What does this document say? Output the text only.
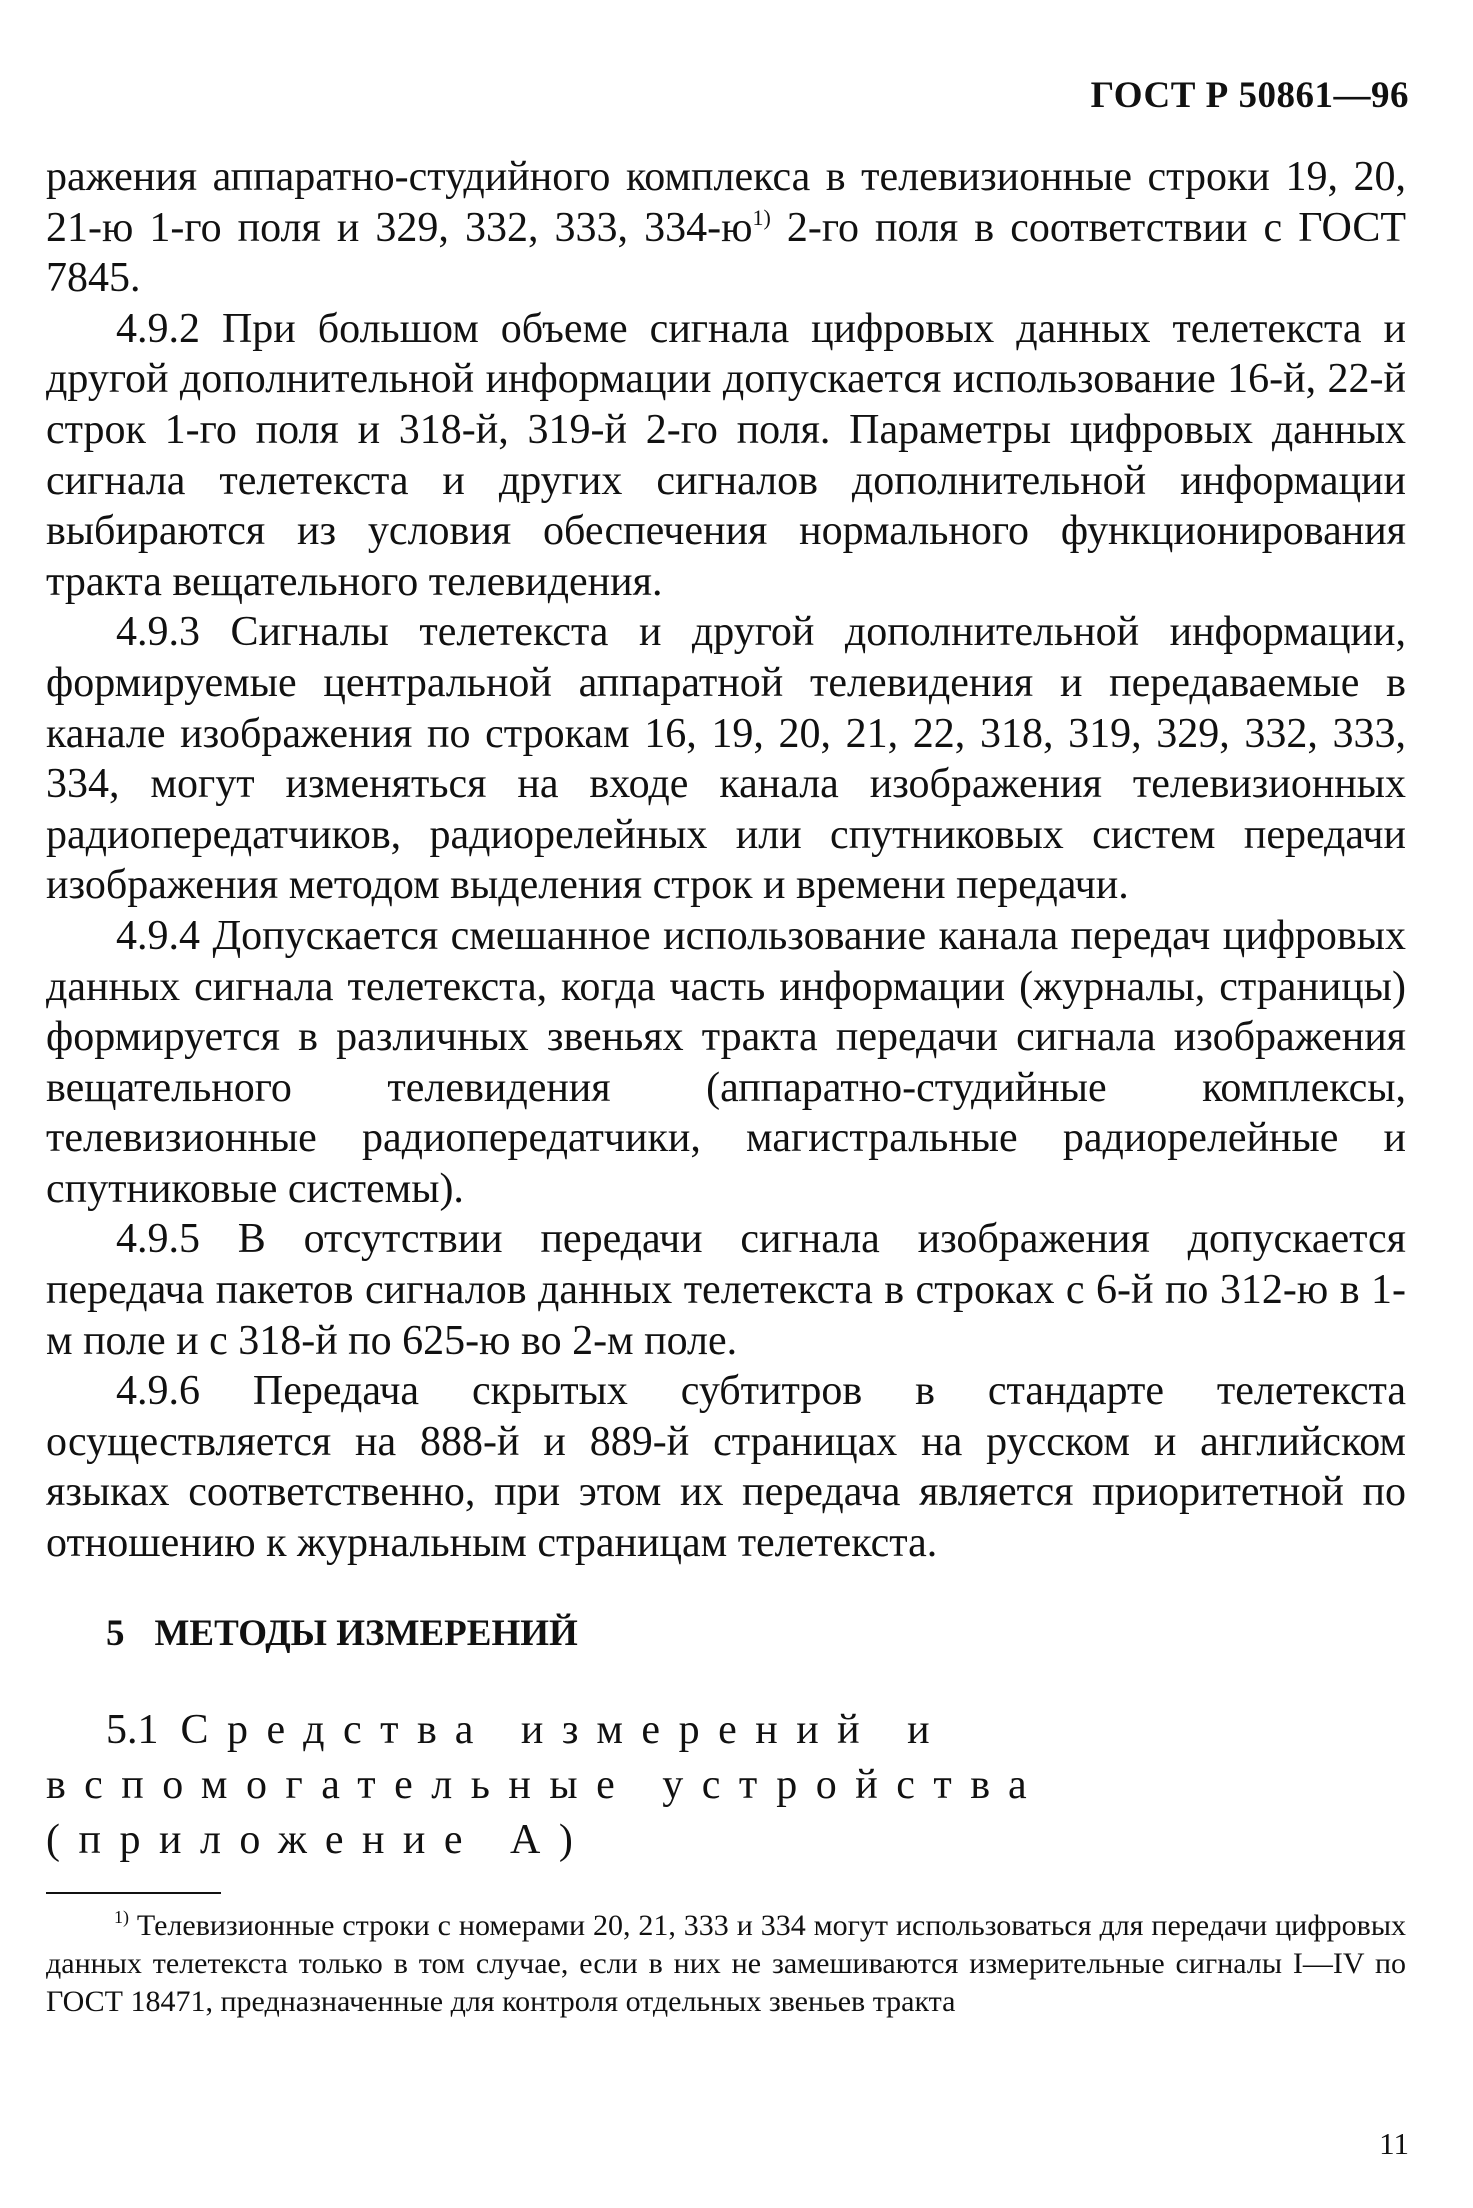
ГОСТ Р 50861—96

ражения аппаратно-студийного комплекса в телевизионные строки 19, 20, 21-ю 1-го поля и 329, 332, 333, $334-ю^{1)}$ 2-го поля в соответствии с ГОСТ 7845.

4.9.2 При большом объеме сигнала цифровых данных телетекста и другой дополнительной информации допускается использование 16-й, 22-й строк 1-го поля и 318-й, 319-й 2-го поля. Параметры цифровых данных сигнала телетекста и других сигналов дополнительной информации выбираются из условия обеспечения нормального функционирования тракта вещательного телевидения.

4.9.3 Сигналы телетекста и другой дополнительной информации, формируемые центральной аппаратной телевидения и передаваемые в канале изображения по строкам 16, 19, 20, 21, 22, 318, 319, 329, 332, 333, 334, могут изменяться на входе канала изображения телевизионных радиопередатчиков, радиорелейных или спутниковых систем передачи изображения методом выделения строк и времени передачи.

4.9.4 Допускается смешанное использование канала передач цифровых данных сигнала телетекста, когда часть информации (журналы, страницы) формируется в различных звеньях тракта передачи сигнала изображения вещательного телевидения (аппаратно-студийные комплексы, телевизионные радиопередатчики, магистральные радиорелейные и спутниковые системы).

4.9.5 В отсутствии передачи сигнала изображения допускается передача пакетов сигналов данных телетекста в строках с 6-й по 312-ю в 1-м поле и с 318-й по 625-ю во 2-м поле.

4.9.6 Передача скрытых субтитров в стандарте телетекста осуществляется на 888-й и 889-й страницах на русском и английском языках соответственно, при этом их передача является приоритетной по отношению к журнальным страницам телетекста.

5 МЕТОДЫ ИЗМЕРЕНИЙ
5.1 Средства измерений и вспомогательные устройства (приложение А)
$^{1)}$ Телевизионные строки с номерами 20, 21, 333 и 334 могут использоваться для передачи цифровых данных телетекста только в том случае, если в них не замешиваются измерительные сигналы I—IV по ГОСТ 18471, предназначенные для контроля отдельных звеньев тракта
11
